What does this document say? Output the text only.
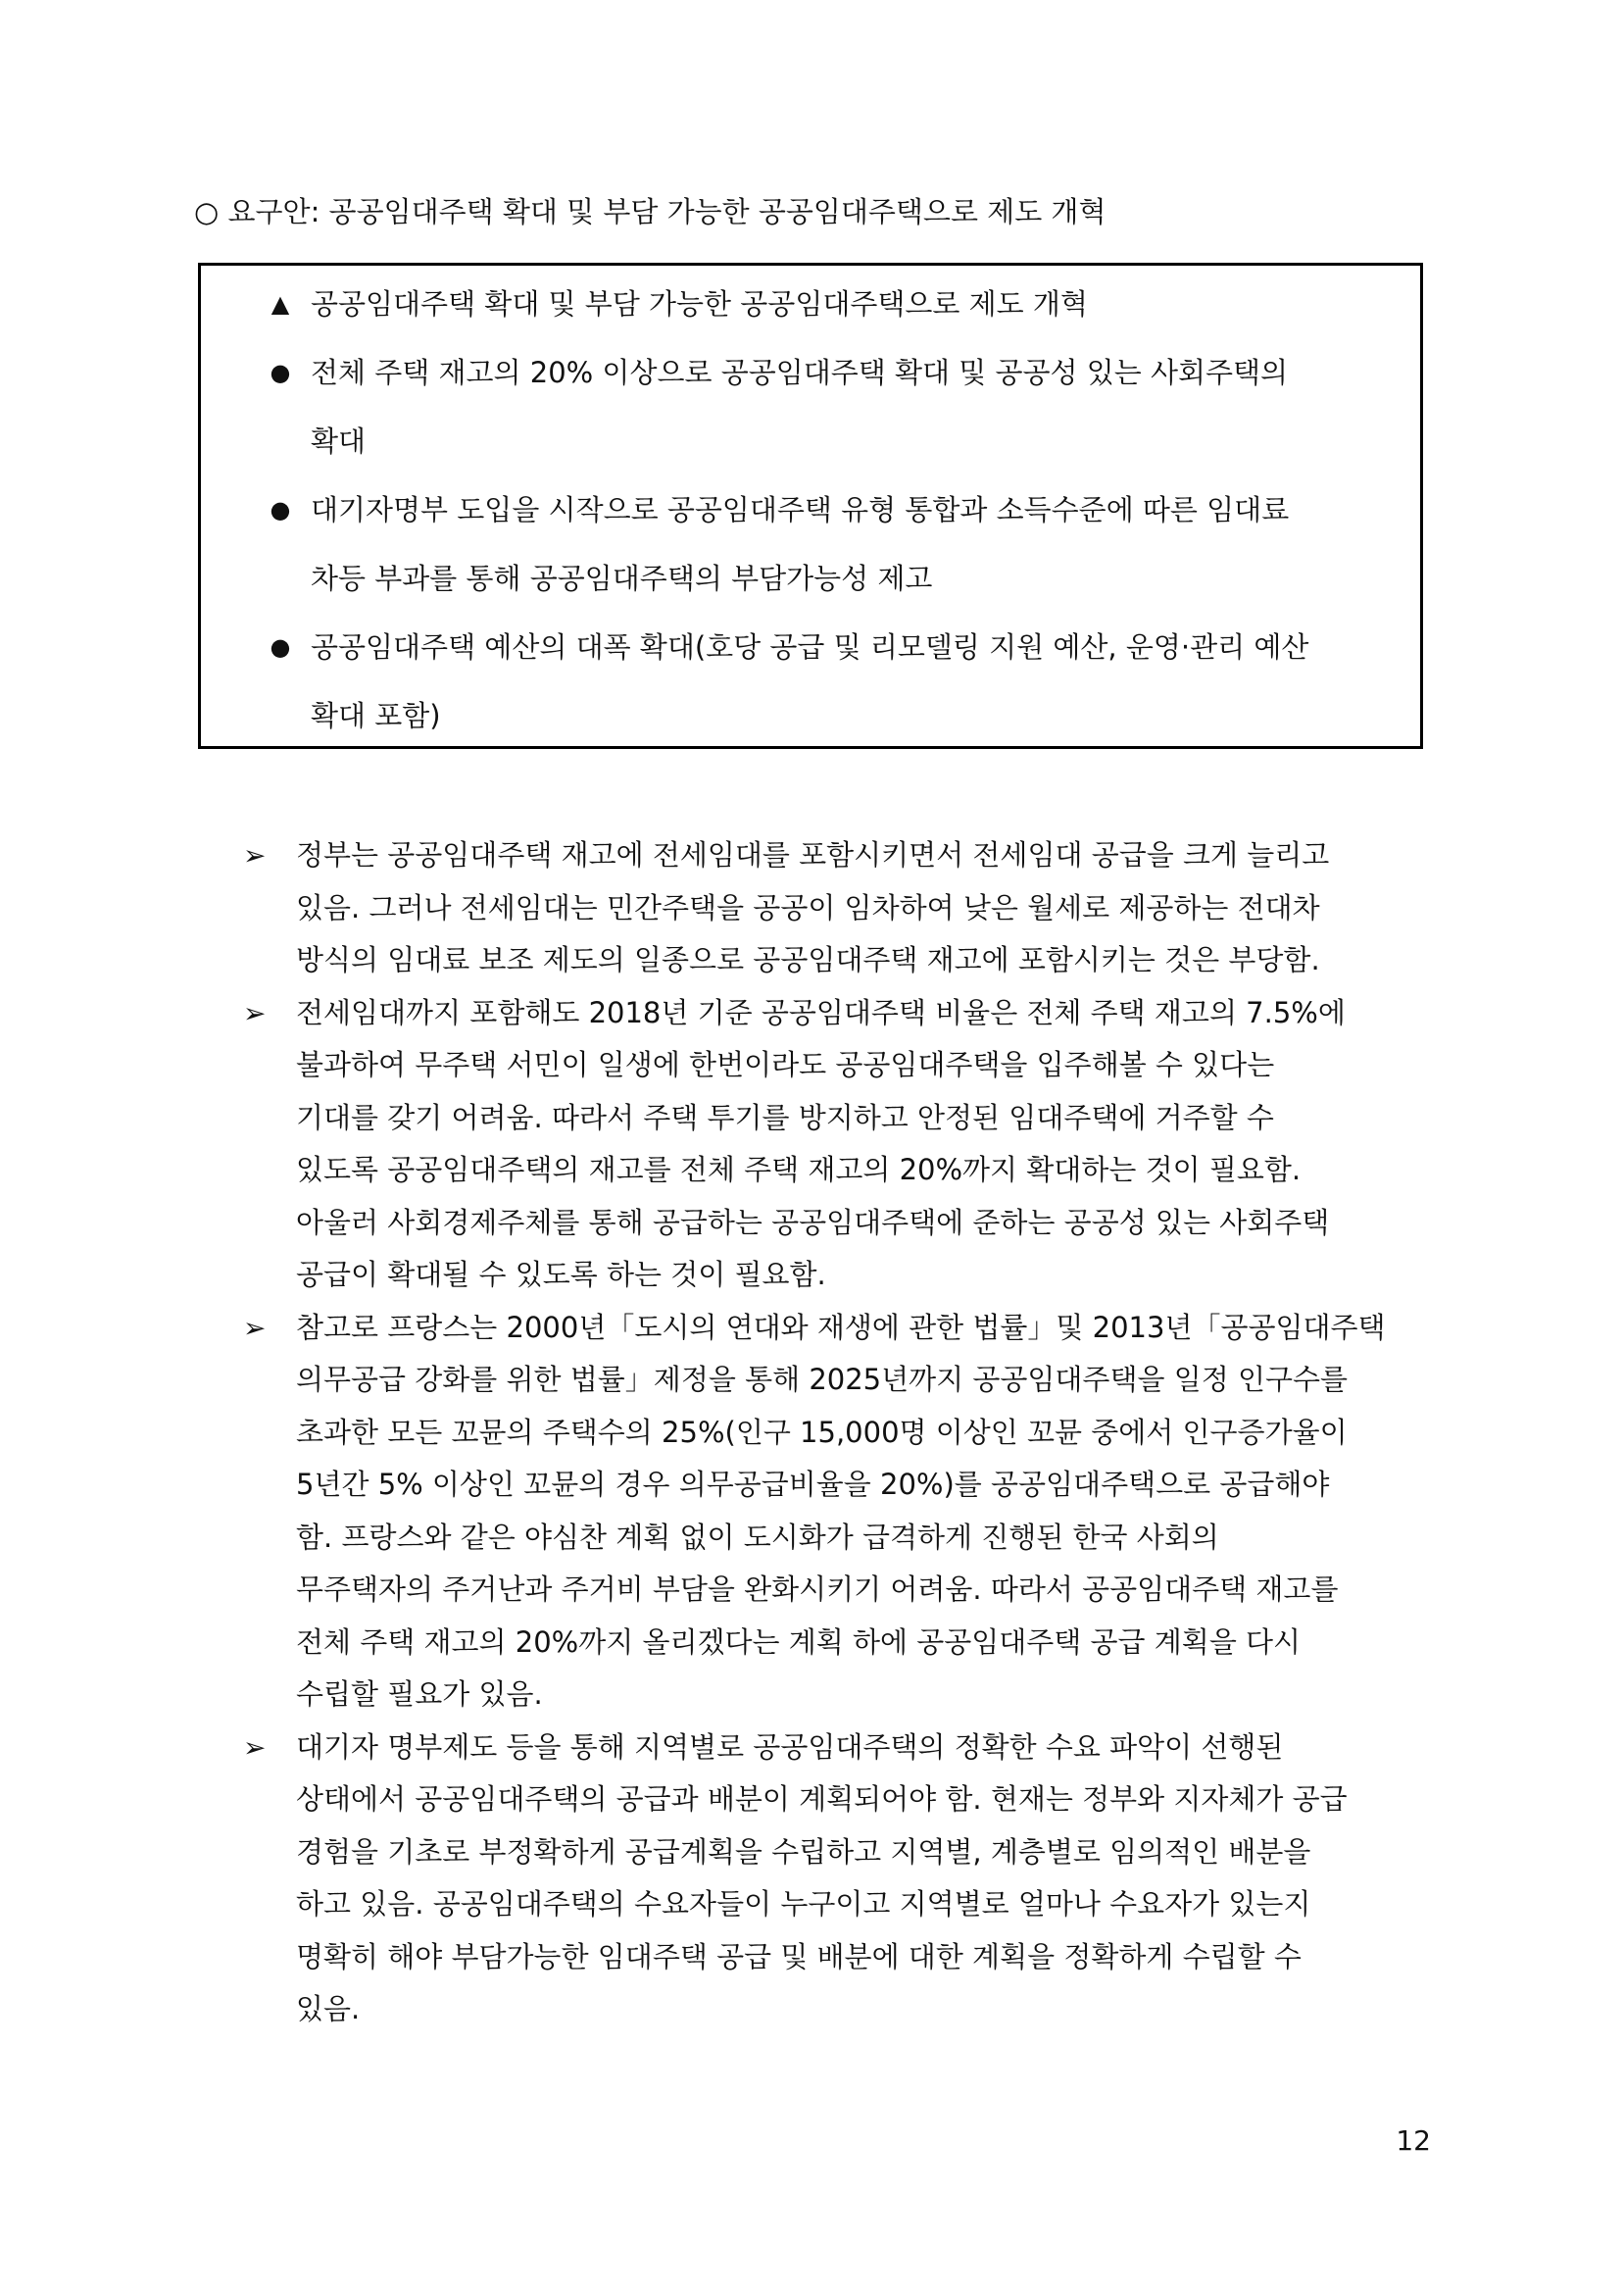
○ 요구안: 공공임대주택 확대 및 부담 가능한 공공임대주택으로 제도 개혁
▲ 공공임대주택 확대 및 부담 가능한 공공임대주택으로 제도 개혁
● 전체 주택 재고의 20% 이상으로 공공임대주택 확대 및 공공성 있는 사회주택의
확대
● 대기자명부 도입을 시작으로 공공임대주택 유형 통합과 소득수준에 따른 임대료
차등 부과를 통해 공공임대주택의 부담가능성 제고
● 공공임대주택 예산의 대폭 확대(호당 공급 및 리모델링 지원 예산, 운영·관리 예산
확대 포함)
➢ 정부는 공공임대주택 재고에 전세임대를 포함시키면서 전세임대 공급을 크게 늘리고
있음. 그러나 전세임대는 민간주택을 공공이 임차하여 낮은 월세로 제공하는 전대차
방식의 임대료 보조 제도의 일종으로 공공임대주택 재고에 포함시키는 것은 부당함.
➢ 전세임대까지 포함해도 2018년 기준 공공임대주택 비율은 전체 주택 재고의 7.5%에
불과하여 무주택 서민이 일생에 한번이라도 공공임대주택을 입주해볼 수 있다는
기대를 갖기 어려움. 따라서 주택 투기를 방지하고 안정된 임대주택에 거주할 수
있도록 공공임대주택의 재고를 전체 주택 재고의 20%까지 확대하는 것이 필요함.
아울러 사회경제주체를 통해 공급하는 공공임대주택에 준하는 공공성 있는 사회주택
공급이 확대될 수 있도록 하는 것이 필요함.
➢ 참고로 프랑스는 2000년「도시의 연대와 재생에 관한 법률」및 2013년「공공임대주택
의무공급 강화를 위한 법률」제정을 통해 2025년까지 공공임대주택을 일정 인구수를
초과한 모든 꼬뮨의 주택수의 25%(인구 15,000명 이상인 꼬뮨 중에서 인구증가율이
5년간 5% 이상인 꼬뮨의 경우 의무공급비율을 20%)를 공공임대주택으로 공급해야
함. 프랑스와 같은 야심찬 계획 없이 도시화가 급격하게 진행된 한국 사회의
무주택자의 주거난과 주거비 부담을 완화시키기 어려움. 따라서 공공임대주택 재고를
전체 주택 재고의 20%까지 올리겠다는 계획 하에 공공임대주택 공급 계획을 다시
수립할 필요가 있음.
➢ 대기자 명부제도 등을 통해 지역별로 공공임대주택의 정확한 수요 파악이 선행된
상태에서 공공임대주택의 공급과 배분이 계획되어야 함. 현재는 정부와 지자체가 공급
경험을 기초로 부정확하게 공급계획을 수립하고 지역별, 계층별로 임의적인 배분을
하고 있음. 공공임대주택의 수요자들이 누구이고 지역별로 얼마나 수요자가 있는지
명확히 해야 부담가능한 임대주택 공급 및 배분에 대한 계획을 정확하게 수립할 수
있음.
12
